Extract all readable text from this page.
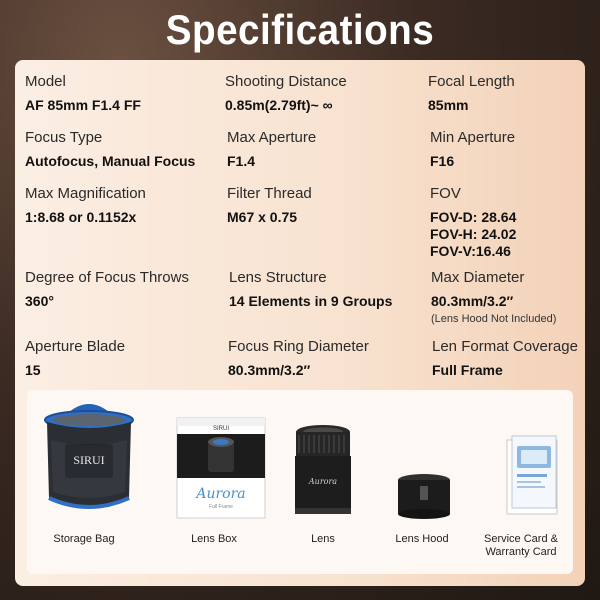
Specifications
Model
AF 85mm F1.4 FF
Shooting Distance
0.85m(2.79ft)~ ∞
Focal Length
85mm
Focus Type
Autofocus, Manual Focus
Max Aperture
F1.4
Min Aperture
F16
Max Magnification
1:8.68 or 0.1152x
Filter Thread
M67 x 0.75
FOV
FOV-D: 28.64
FOV-H: 24.02
FOV-V:16.46
Degree of Focus Throws
360°
Lens Structure
14 Elements in 9 Groups
Max Diameter
80.3mm/3.2′′
(Lens Hood Not Included)
Aperture Blade
15
Focus Ring Diameter
80.3mm/3.2′′
Len Format Coverage
Full Frame
SIRUI
SIRUI
Aurora
Full Frame
Aurora
Storage Bag	Lens Box	Lens	Lens Hood	Service Card &
Warranty Card
